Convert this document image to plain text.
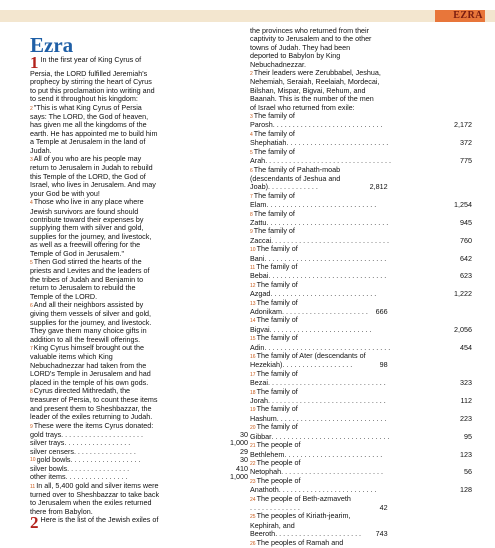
EZRA
Ezra

1 In the first year of King Cyrus of

Persia, the LORD fulfilled Jeremiah's

prophecy by stirring the heart of Cyrus

to put this proclamation into writing and

to send it throughout his kingdom:

2"This is what King Cyrus of Persia

says: The LORD, the God of heaven,

has given me all the kingdoms of the

earth. He has appointed me to build him

a Temple at Jerusalem in the land of

Judah.

3All of you who are his people may

return to Jerusalem in Judah to rebuild

this Temple of the LORD, the God of

Israel, who lives in Jerusalem. And may

your God be with you!

4Those who live in any place where

Jewish survivors are found should

contribute toward their expenses by

supplying them with silver and gold,

supplies for the journey, and livestock,

as well as a freewill offering for the

Temple of God in Jerusalem."

5Then God stirred the hearts of the

priests and Levites and the leaders of

the tribes of Judah and Benjamin to

return to Jerusalem to rebuild the

Temple of the LORD.

6And all their neighbors assisted by

giving them vessels of silver and gold,

supplies for the journey, and livestock.

They gave them many choice gifts in

addition to all the freewill offerings.

7King Cyrus himself brought out the

valuable items which King

Nebuchadnezzar had taken from the

LORD's Temple in Jerusalem and had

placed in the temple of his own gods.

8Cyrus directed Mithredath, the

treasurer of Persia, to count these items

and present them to Sheshbazzar, the

leader of the exiles returning to Judah.

9These were the items Cyrus donated:

gold trays . . . . . . . . . . . . . . . . . . . . .	30
silver trays . . . . . . . . . . . . . . . . .	1,000
silver censers . . . . . . . . . . . . . . . .	29
10 gold bowls . . . . . . . . . . . . . . . . . .	30
silver bowls . . . . . . . . . . . . . . . .	410
other items . . . . . . . . . . . . . . . .	1,000

11In all, 5,400 gold and silver items were

turned over to Sheshbazzar to take back

to Jerusalem when the exiles returned

there from Babylon.

2 Here is the list of the Jewish exiles of

the provinces who returned from their

captivity to Jerusalem and to the other

towns of Judah. They had been

deported to Babylon by King

Nebuchadnezzar.

2Their leaders were Zerubbabel, Jeshua,

Nehemiah, Seraiah, Reelaiah, Mordecai,

Bilshan, Mispar, Bigvai, Rehum, and

Baanah. This is the number of the men

of Israel who returned from exile:

3The family of

Parosh . . . . . . . . . . . . . . . . . . . . . . . . . . . .	2,172

4The family of

Shephatiah . . . . . . . . . . . . . . . . . . . . . . . . . .	372

5The family of

Arah . . . . . . . . . . . . . . . . . . . . . . . . . . . . . . . .	775

6The family of Pahath-moab

(descendants of Jeshua and

Joab) . . . . . . . . . . . . .	2,812

7The family of

Elam . . . . . . . . . . . . . . . . . . . . . . . . . . . .	1,254

8The family of

Zattu . . . . . . . . . . . . . . . . . . . . . . . . . . . . . . .	945

9The family of

Zaccai . . . . . . . . . . . . . . . . . . . . . . . . . . . . . .	760

10The family of

Bani . . . . . . . . . . . . . . . . . . . . . . . . . . . . . . .	642

11The family of

Bebai . . . . . . . . . . . . . . . . . . . . . . . . . . . . . .	623

12The family of

Azgad . . . . . . . . . . . . . . . . . . . . . . . . . . .	1,222

13The family of

Adonikam . . . . . . . . . . . . . . . . . . . . . .	666

14The family of

Bigvai . . . . . . . . . . . . . . . . . . . . . . . . . .	2,056

15The family of

Adin . . . . . . . . . . . . . . . . . . . . . . . . . . . . . . . .	454

16The family of Ater (descendants of

Hezekiah) . . . . . . . . . . . . . . . . . .	98

17The family of

Bezai . . . . . . . . . . . . . . . . . . . . . . . . . . . . . .	323

18The family of

Jorah . . . . . . . . . . . . . . . . . . . . . . . . . . . . . .	112

19The family of

Hashum . . . . . . . . . . . . . . . . . . . . . . . . . . . .	223

20The family of

Gibbar . . . . . . . . . . . . . . . . . . . . . . . . . . . . . .	95

21The people of

Bethlehem . . . . . . . . . . . . . . . . . . . . . . . . .	123

22The people of

Netophah . . . . . . . . . . . . . . . . . . . . . . . . . .	56

23The people of

Anathoth . . . . . . . . . . . . . . . . . . . . . . . . .	128

24The people of Beth-azmaveth

. . . . . . . . . . . . .	42

25The peoples of Kiriath-jearim,

Kephirah, and

Beeroth . . . . . . . . . . . . . . . . . . . . . .	743

26The peoples of Ramah and
